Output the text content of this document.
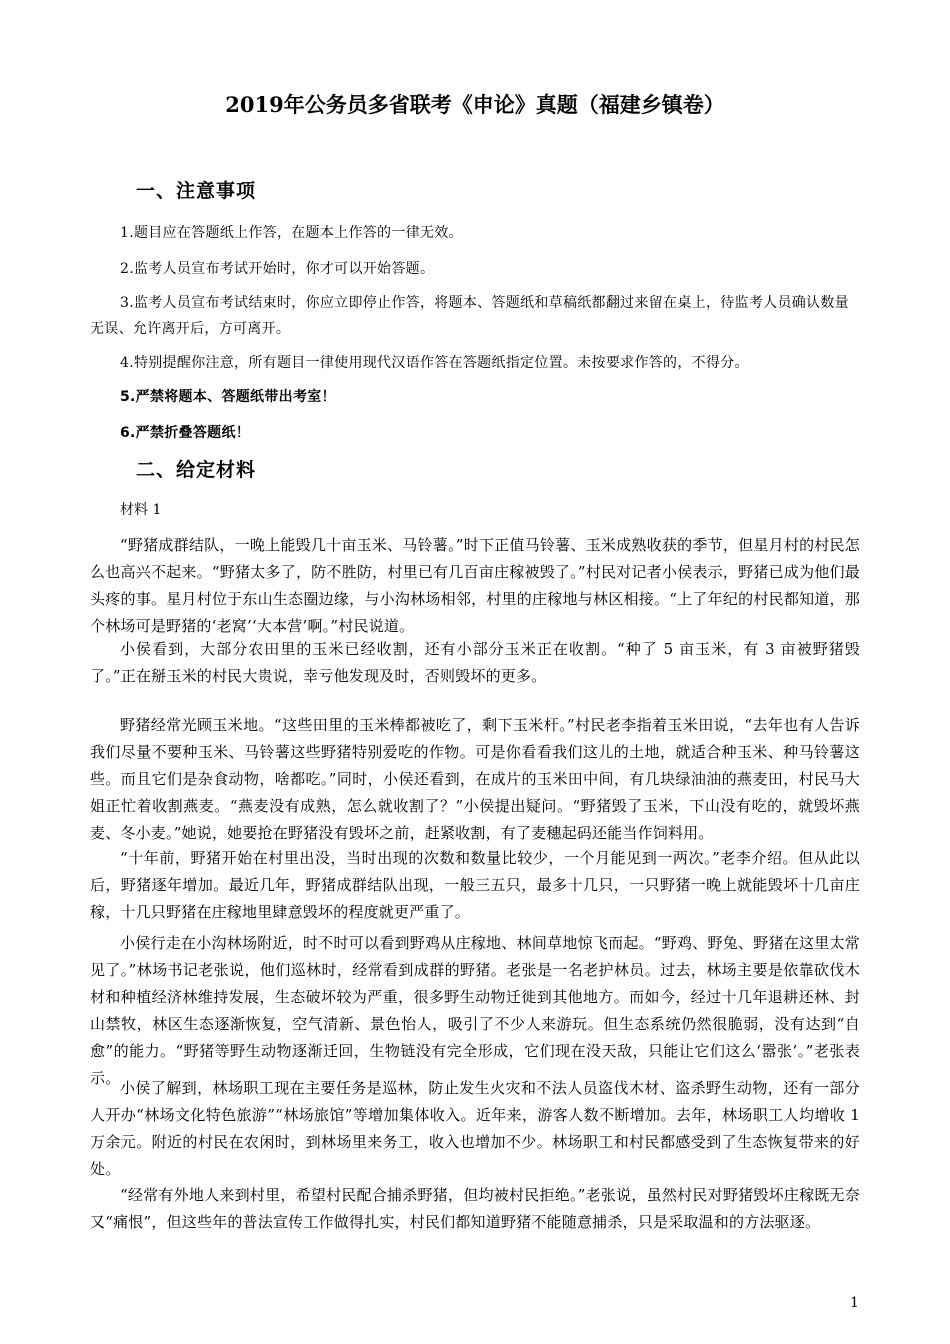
2019年公务员多省联考《申论》真题（福建乡镇卷）
一、注意事项
1.题目应在答题纸上作答，在题本上作答的一律无效。
2.监考人员宣布考试开始时，你才可以开始答题。
3.监考人员宣布考试结束时，你应立即停止作答，将题本、答题纸和草稿纸都翻过来留在桌上，待监考人员确认数量无误、允许离开后，方可离开。
4.特别提醒你注意，所有题目一律使用现代汉语作答在答题纸指定位置。未按要求作答的，不得分。
5.严禁将题本、答题纸带出考室！
6.严禁折叠答题纸！
二、给定材料
材料 1
“野猪成群结队，一晚上能毁几十亩玉米、马铃薯。”时下正值马铃薯、玉米成熟收获的季节，但星月村的村民怎么也高兴不起来。“野猪太多了，防不胜防，村里已有几百亩庄稼被毁了。”村民对记者小侯表示，野猪已成为他们最头疼的事。星月村位于东山生态圈边缘，与小沟林场相邻，村里的庄稼地与林区相接。“上了年纪的村民都知道，那个林场可是野猪的‘老窝’‘大本营’啊。”村民说道。
小侯看到，大部分农田里的玉米已经收割，还有小部分玉米正在收割。“种了 5 亩玉米，有 3 亩被野猪毁了。”正在掰玉米的村民大贵说，幸亏他发现及时，否则毁坏的更多。
野猪经常光顾玉米地。“这些田里的玉米棒都被吃了，剩下玉米杆。”村民老李指着玉米田说，“去年也有人告诉我们尽量不要种玉米、马铃薯这些野猪特别爱吃的作物。可是你看看我们这儿的土地，就适合种玉米、种马铃薯这些。而且它们是杂食动物，啥都吃。”同时，小侯还看到，在成片的玉米田中间，有几块绿油油的燕麦田，村民马大姐正忙着收割燕麦。“燕麦没有成熟，怎么就收割了？”小侯提出疑问。“野猪毁了玉米，下山没有吃的，就毁坏燕麦、冬小麦。”她说，她要抢在野猪没有毁坏之前，赶紧收割，有了麦穗起码还能当作饲料用。
“十年前，野猪开始在村里出没，当时出现的次数和数量比较少，一个月能见到一两次。”老李介绍。但从此以后，野猪逐年增加。最近几年，野猪成群结队出现，一般三五只，最多十几只，一只野猪一晚上就能毁坏十几亩庄稼，十几只野猪在庄稼地里肆意毁坏的程度就更严重了。
小侯行走在小沟林场附近，时不时可以看到野鸡从庄稼地、林间草地惊飞而起。“野鸡、野兔、野猪在这里太常见了。”林场书记老张说，他们巡林时，经常看到成群的野猪。老张是一名老护林员。过去，林场主要是依靠砍伐木材和种植经济林维持发展，生态破坏较为严重，很多野生动物迁徙到其他地方。而如今，经过十几年退耕还林、封山禁牧，林区生态逐渐恢复，空气清新、景色怡人，吸引了不少人来游玩。但生态系统仍然很脆弱，没有达到“自愈”的能力。“野猪等野生动物逐渐迁回，生物链没有完全形成，它们现在没天敌，只能让它们这么‘嚣张’。”老张表示。
小侯了解到，林场职工现在主要任务是巡林，防止发生火灾和不法人员盗伐木材、盗杀野生动物，还有一部分人开办“林场文化特色旅游”“林场旅馆”等增加集体收入。近年来，游客人数不断增加。去年，林场职工人均增收 1 万余元。附近的村民在农闲时，到林场里来务工，收入也增加不少。林场职工和村民都感受到了生态恢复带来的好处。
“经常有外地人来到村里，希望村民配合捕杀野猪，但均被村民拒绝。”老张说，虽然村民对野猪毁坏庄稼既无奈又“痛恨”，但这些年的普法宣传工作做得扎实，村民们都知道野猪不能随意捕杀，只是采取温和的方法驱逐。
1
